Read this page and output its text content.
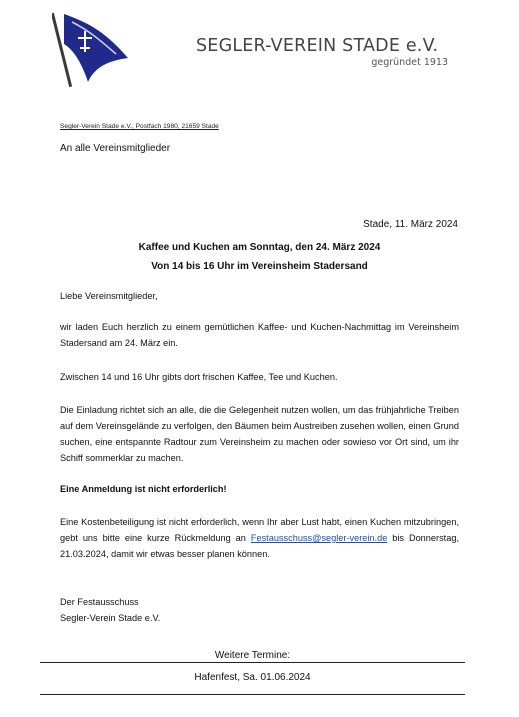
SEGLER-VEREIN STADE e.V.
gegründet 1913
Segler-Verein Stade e.V., Postfach 1980, 21659 Stade
An alle Vereinsmitglieder
Stade, 11. März 2024
Kaffee und Kuchen am Sonntag, den 24. März 2024
Von 14 bis 16 Uhr im Vereinsheim Stadersand
Liebe Vereinsmitglieder,
wir laden Euch herzlich zu einem gemütlichen Kaffee- und Kuchen-Nachmittag im Vereinsheim Stadersand am 24. März ein.
Zwischen 14 und 16 Uhr gibts dort frischen Kaffee, Tee und Kuchen.
Die Einladung richtet sich an alle, die die Gelegenheit nutzen wollen, um das frühjahrliche Treiben auf dem Vereinsgelände zu verfolgen, den Bäumen beim Austreiben zusehen wollen, einen Grund suchen, eine entspannte Radtour zum Vereinsheim zu machen oder sowieso vor Ort sind, um ihr Schiff sommerklar zu machen.
Eine Anmeldung ist nicht erforderlich!
Eine Kostenbeteiligung ist nicht erforderlich, wenn Ihr aber Lust habt, einen Kuchen mitzubringen, gebt uns bitte eine kurze Rückmeldung an Festausschuss@segler-verein.de bis Donnerstag, 21.03.2024, damit wir etwas besser planen können.
Der Festausschuss
Segler-Verein Stade e.V.
Weitere Termine:
Hafenfest, Sa. 01.06.2024
